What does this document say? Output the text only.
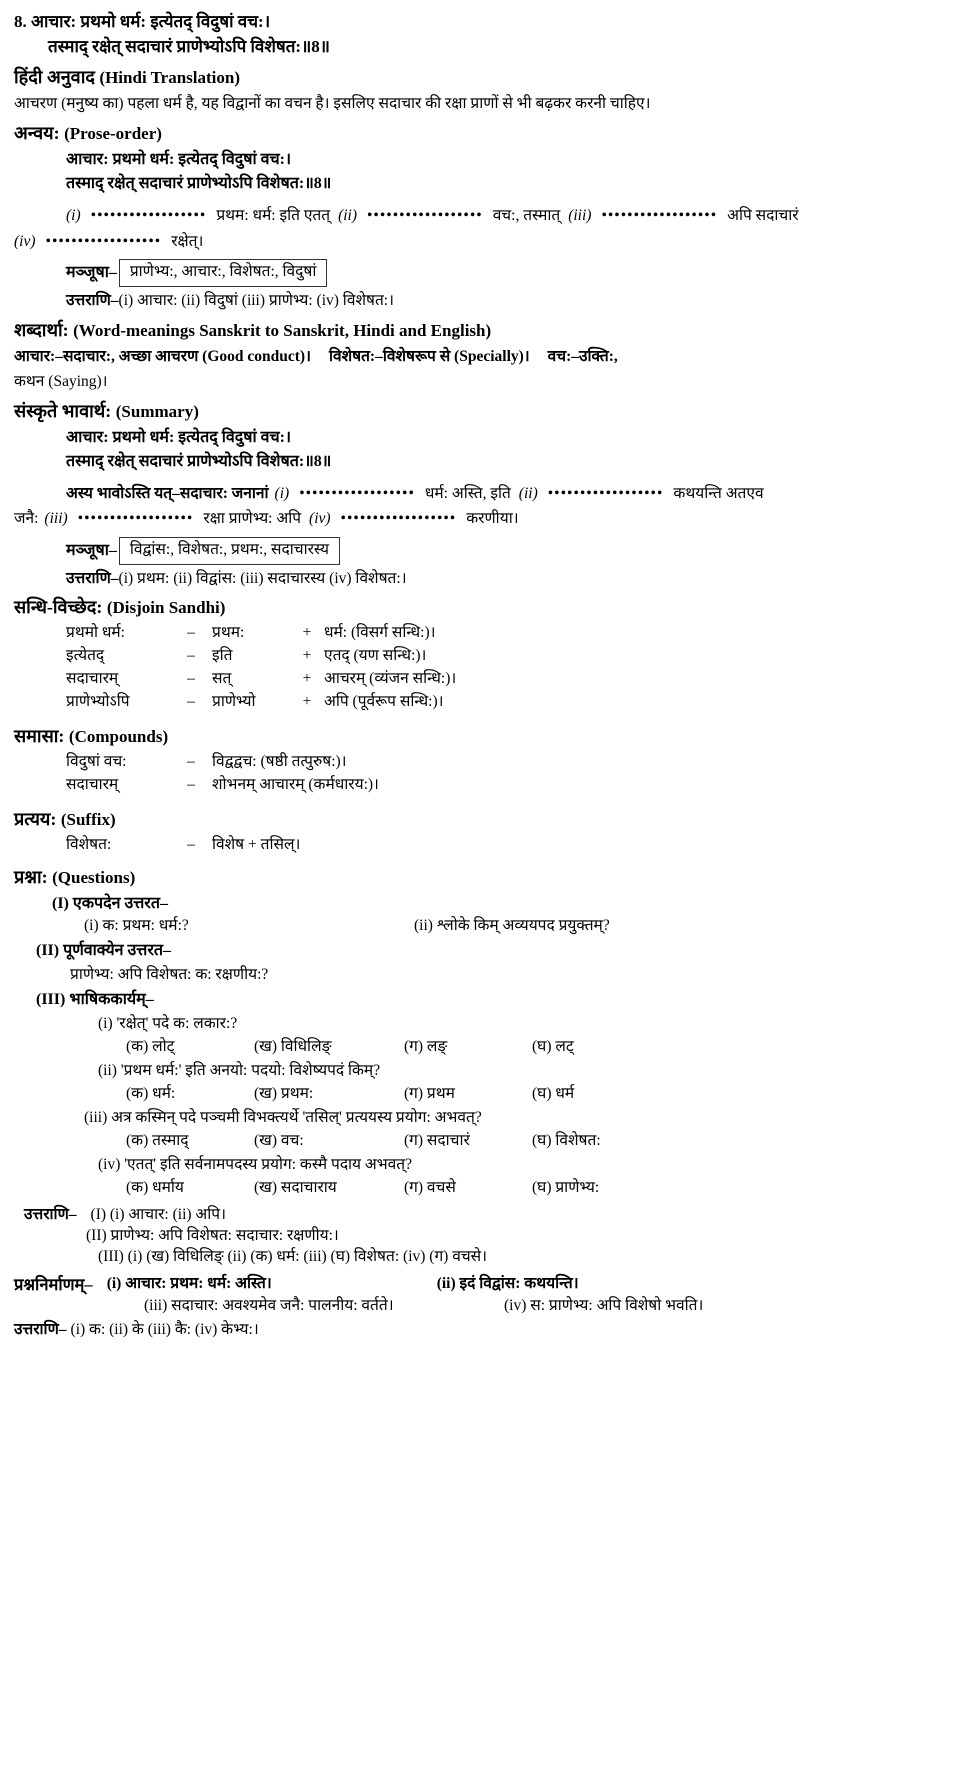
8. आचार: प्रथमो धर्म: इत्येतद् विदुषां वच:।
तस्माद् रक्षेत् सदाचारं प्राणेभ्योऽपि विशेषत:॥8॥
हिंदी अनुवाद (Hindi Translation)
आचरण (मनुष्य का) पहला धर्म है, यह विद्वानों का वचन है। इसलिए सदाचार की रक्षा प्राणों से भी बढ़कर करनी चाहिए।
अन्वय: (Prose-order)
आचार: प्रथमो धर्म: इत्येतद् विदुषां वच:।
तस्माद् रक्षेत् सदाचारं प्राणेभ्योऽपि विशेषत:॥8॥
(i) •••••••••••••••••• प्रथम: धर्म: इति एतत् (ii) •••••••••••••••••• वच:, तस्मात् (iii) •••••••••••••••••• अपि सदाचारं
(iv) •••••••••••••••••• रक्षेत्।
मञ्जूषा– प्राणेभ्य:, आचार:, विशेषत:, विदुषां
उत्तराणि–(i) आचार: (ii) विदुषां (iii) प्राणेभ्य: (iv) विशेषत:।
शब्दार्था: (Word-meanings Sanskrit to Sanskrit, Hindi and English)
आचार:–सदाचार:, अच्छा आचरण (Good conduct)। विशेषत:–विशेषरूप से (Specially)। वच:–उक्ति:,
कथन (Saying)।
संस्कृते भावार्थ: (Summary)
आचार: प्रथमो धर्म: इत्येतद् विदुषां वच:।
तस्माद् रक्षेत् सदाचारं प्राणेभ्योऽपि विशेषत:॥8॥
अस्य भावोऽस्ति यत्–सदाचार: जनानां (i) •••••••••••••••••• धर्म: अस्ति, इति (ii) •••••••••••••••••• कथयन्ति अतएव
जनै: (iii) •••••••••••••••••• रक्षा प्राणेभ्य: अपि (iv) •••••••••••••••••• करणीया।
मञ्जूषा– विद्वांस:, विशेषत:, प्रथम:, सदाचारस्य
उत्तराणि–(i) प्रथम: (ii) विद्वांस: (iii) सदाचारस्य (iv) विशेषत:।
सन्धि-विच्छेद: (Disjoin Sandhi)
प्रथमो धर्म:	–	प्रथम:	+	धर्म: (विसर्ग सन्धि:)।
इत्येतद्	–	इति	+	एतद् (यण सन्धि:)।
सदाचारम्	–	सत्	+	आचरम् (व्यंजन सन्धि:)।
प्राणेभ्योऽपि	–	प्राणेभ्यो	+	अपि (पूर्वरूप सन्धि:)।
समासा: (Compounds)
विदुषां वच:	–	विद्वद्वच: (षष्ठी तत्पुरुष:)।
सदाचारम्	–	शोभनम् आचारम् (कर्मधारय:)।
प्रत्यय: (Suffix)
विशेषत:	–	विशेष + तसिल्।
प्रश्ना: (Questions)
(I) एकपदेन उत्तरत–
(i) क: प्रथम: धर्म:?	(ii) श्लोके किम् अव्ययपद प्रयुक्तम्?
(II) पूर्णवाक्येन उत्तरत–
प्राणेभ्य: अपि विशेषत: क: रक्षणीय:?
(III) भाषिककार्यम्–
(i) 'रक्षेत्' पदे क: लकार:?
(क) लोट्	(ख) विधिलिङ्	(ग) लङ्	(घ) लट्
(ii) 'प्रथम धर्म:' इति अनयो: पदयो: विशेष्यपदं किम्?
(क) धर्म:	(ख) प्रथम:	(ग) प्रथम	(घ) धर्म
(iii) अत्र कस्मिन् पदे पञ्चमी विभक्त्यर्थे 'तसिल्' प्रत्ययस्य प्रयोग: अभवत्?
(क) तस्माद्	(ख) वच:	(ग) सदाचारं	(घ) विशेषत:
(iv) 'एतत्' इति सर्वनामपदस्य प्रयोग: कस्मै पदाय अभवत्?
(क) धर्माय	(ख) सदाचाराय	(ग) वचसे	(घ) प्राणेभ्य:
उत्तराणि– (I) (i) आचार: (ii) अपि।
(II) प्राणेभ्य: अपि विशेषत: सदाचार: रक्षणीय:।
(III) (i) (ख) विधिलिङ् (ii) (क) धर्म: (iii) (घ) विशेषत: (iv) (ग) वचसे।
प्रश्ननिर्माणम्– (i) आचार: प्रथम: धर्म: अस्ति।	(ii) इदं विद्वांस: कथयन्ति।
(iii) सदाचार: अवश्यमेव जनै: पालनीय: वर्तते।	(iv) स: प्राणेभ्य: अपि विशेषो भवति।
उत्तराणि– (i) क: (ii) के (iii) कै: (iv) केभ्य:।
